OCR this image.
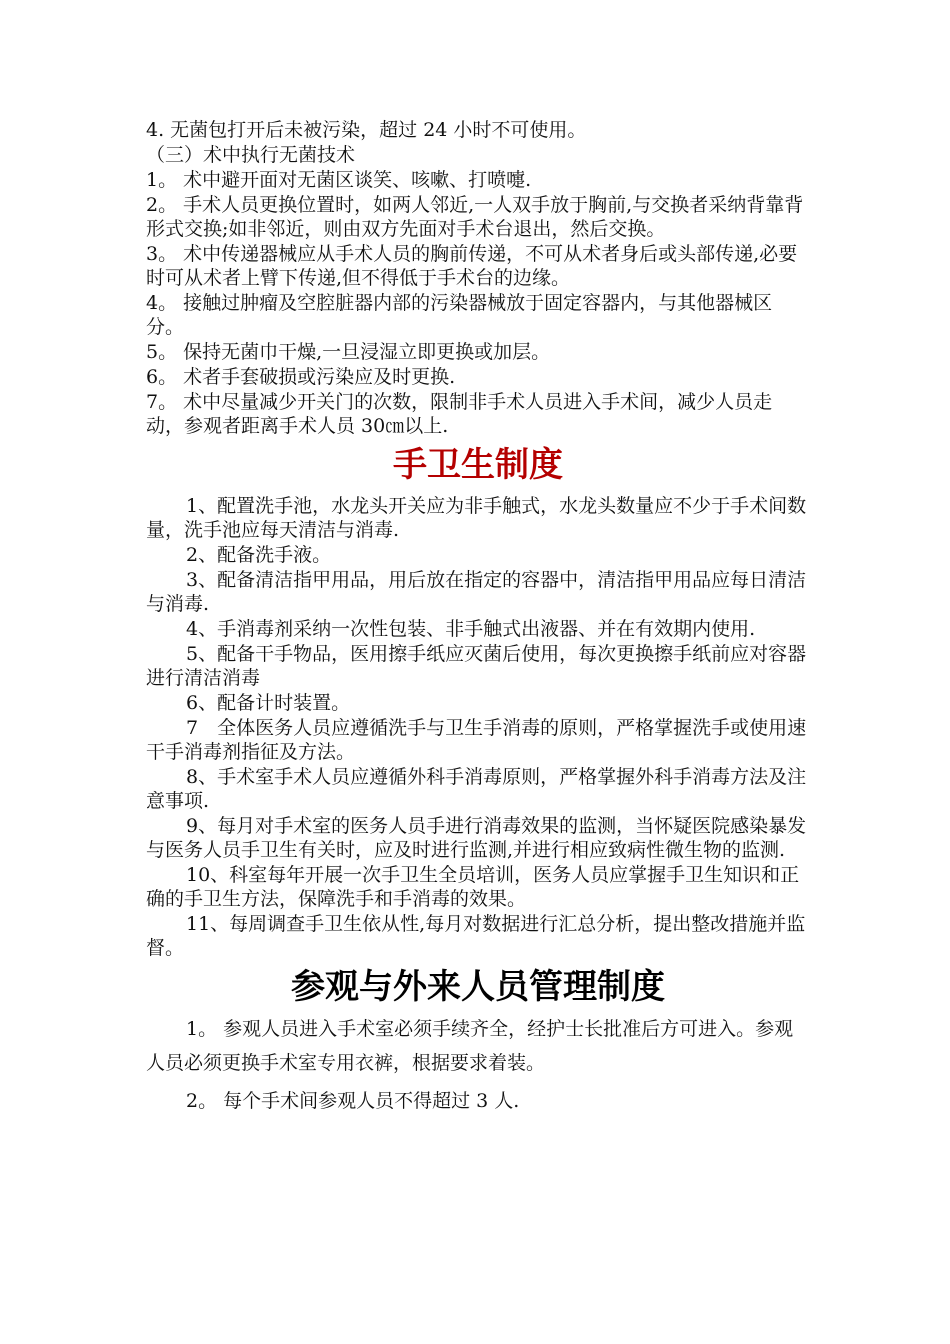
4. 无菌包打开后未被污染，超过 24 小时不可使用。

（三）术中执行无菌技术

1。 术中避开面对无菌区谈笑、咳嗽、打喷嚏.

2。 手术人员更换位置时，如两人邻近,一人双手放于胸前,与交换者采纳背靠背形式交换;如非邻近，则由双方先面对手术台退出，然后交换。

3。 术中传递器械应从手术人员的胸前传递，不可从术者身后或头部传递,必要时可从术者上臂下传递,但不得低于手术台的边缘。

4。 接触过肿瘤及空腔脏器内部的污染器械放于固定容器内，与其他器械区分。

5。 保持无菌巾干燥,一旦浸湿立即更换或加层。

6。 术者手套破损或污染应及时更换.

7。 术中尽量减少开关门的次数，限制非手术人员进入手术间，减少人员走动，参观者距离手术人员 30㎝以上.

手卫生制度

1、配置洗手池，水龙头开关应为非手触式，水龙头数量应不少于手术间数量，洗手池应每天清洁与消毒.

2、配备洗手液。

3、配备清洁指甲用品，用后放在指定的容器中，清洁指甲用品应每日清洁与消毒.

4、手消毒剂采纳一次性包装、非手触式出液器、并在有效期内使用.

5、配备干手物品，医用擦手纸应灭菌后使用，每次更换擦手纸前应对容器进行清洁消毒

6、配备计时装置。

7　全体医务人员应遵循洗手与卫生手消毒的原则，严格掌握洗手或使用速干手消毒剂指征及方法。

8、手术室手术人员应遵循外科手消毒原则，严格掌握外科手消毒方法及注意事项.

9、每月对手术室的医务人员手进行消毒效果的监测，当怀疑医院感染暴发与医务人员手卫生有关时，应及时进行监测,并进行相应致病性微生物的监测.

10、科室每年开展一次手卫生全员培训，医务人员应掌握手卫生知识和正确的手卫生方法，保障洗手和手消毒的效果。

11、每周调查手卫生依从性,每月对数据进行汇总分析，提出整改措施并监督。

参观与外来人员管理制度

1。 参观人员进入手术室必须手续齐全，经护士长批准后方可进入。参观人员必须更换手术室专用衣裤，根据要求着装。

2。 每个手术间参观人员不得超过 3 人.
